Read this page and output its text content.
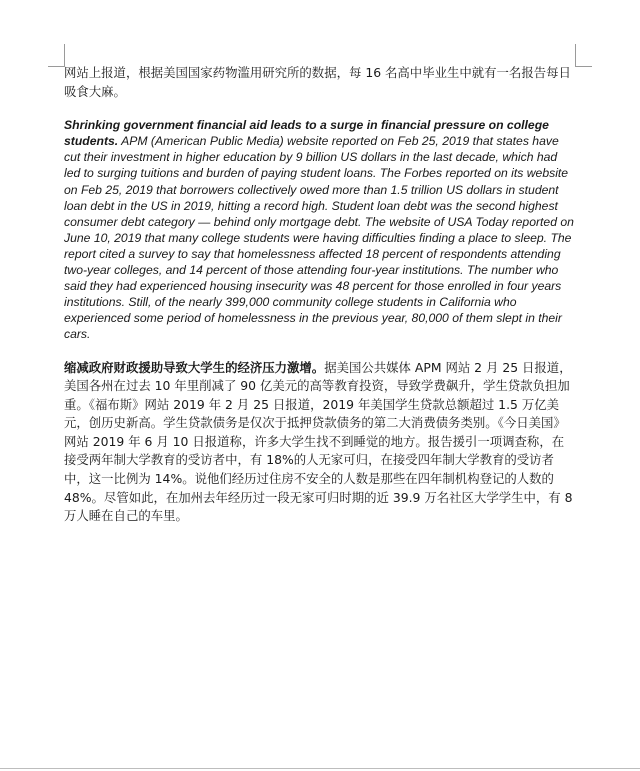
网站上报道，根据美国国家药物滥用研究所的数据，每 16 名高中毕业生中就有一名报告每日吸食大麻。

Shrinking government financial aid leads to a surge in financial pressure on college students. APM (American Public Media) website reported on Feb 25, 2019 that states have cut their investment in higher education by 9 billion US dollars in the last decade, which had led to surging tuitions and burden of paying student loans. The Forbes reported on its website on Feb 25, 2019 that borrowers collectively owed more than 1.5 trillion US dollars in student loan debt in the US in 2019, hitting a record high. Student loan debt was the second highest consumer debt category — behind only mortgage debt. The website of USA Today reported on June 10, 2019 that many college students were having difficulties finding a place to sleep. The report cited a survey to say that homelessness affected 18 percent of respondents attending two-year colleges, and 14 percent of those attending four-year institutions. The number who said they had experienced housing insecurity was 48 percent for those enrolled in four years institutions. Still, of the nearly 399,000 community college students in California who experienced some period of homelessness in the previous year, 80,000 of them slept in their cars.

缩减政府财政援助导致大学生的经济压力激增。据美国公共媒体 APM 网站 2 月 25 日报道，美国各州在过去 10 年里削减了 90 亿美元的高等教育投资，导致学费飙升，学生贷款负担加重。《福布斯》网站 2019 年 2 月 25 日报道，2019 年美国学生贷款总额超过 1.5 万亿美元，创历史新高。学生贷款债务是仅次于抵押贷款债务的第二大消费债务类别。《今日美国》网站 2019 年 6 月 10 日报道称，许多大学生找不到睡觉的地方。报告援引一项调查称，在接受两年制大学教育的受访者中，有 18%的人无家可归，在接受四年制大学教育的受访者中，这一比例为 14%。说他们经历过住房不安全的人数是那些在四年制机构登记的人数的 48%。尽管如此，在加州去年经历过一段无家可归时期的近 39.9 万名社区大学学生中，有 8 万人睡在自己的车里。
